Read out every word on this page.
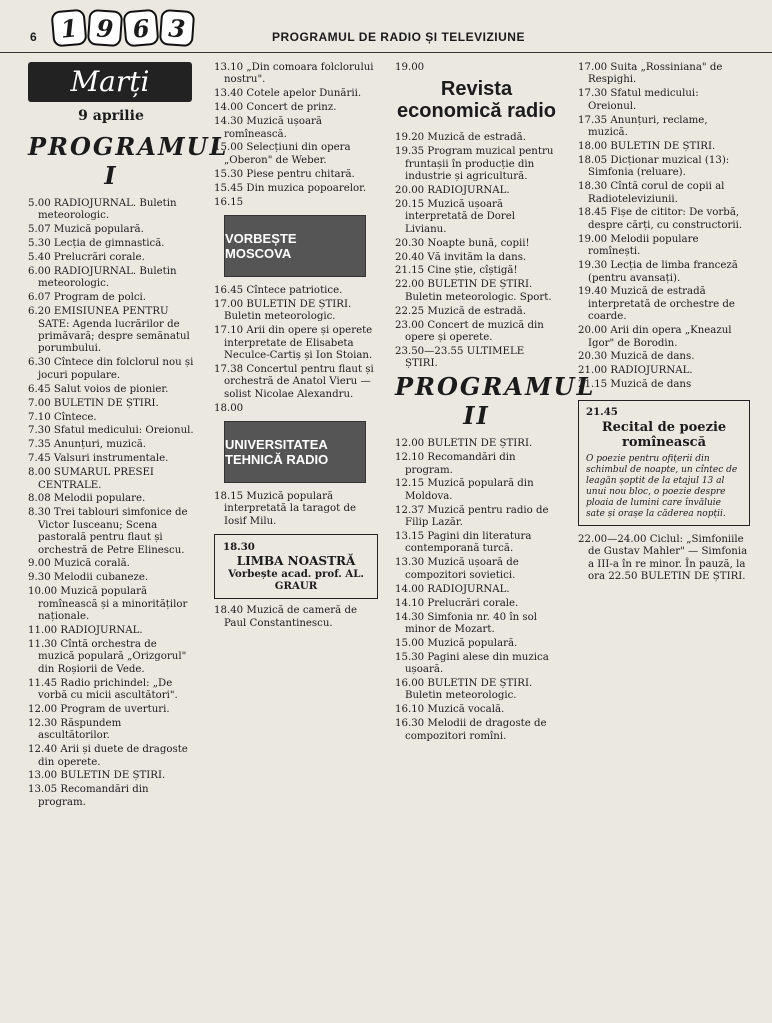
6 1 9 6 3	PROGRAMUL DE RADIO ȘI TELEVIZIUNE
Marți
9 aprilie
PROGRAMUL I

5.00 RADIOJURNAL. Buletin meteorologic.

5.07 Muzică populară.

5.30 Lecția de gimnastică.

5.40 Prelucrări corale.

6.00 RADIOJURNAL. Buletin meteorologic.

6.07 Program de polci.

6.20 EMISIUNEA PENTRU SATE: Agenda lucrărilor de primăvară; despre semănatul porumbului.

6.30 Cîntece din folclorul nou și jocuri populare.

6.45 Salut voios de pionier.

7.00 BULETIN DE ȘTIRI.

7.10 Cîntece.

7.30 Sfatul medicului: Oreionul.

7.35 Anunțuri, muzică.

7.45 Valsuri instrumentale.

8.00 SUMARUL PRESEI CENTRALE.

8.08 Melodii populare.

8.30 Trei tablouri simfonice de Victor Iusceanu; Scena pastorală pentru flaut și orchestră de Petre Elinescu.

9.00 Muzică corală.

9.30 Melodii cubaneze.

10.00 Muzică populară romînească și a minorităților naționale.

11.00 RADIOJURNAL.

11.30 Cîntă orchestra de muzică populară „Orizgorul" din Roșiorii de Vede.

11.45 Radio prichindel: „De vorbă cu micii ascultători".

12.00 Program de uverturi.

12.30 Răspundem ascultătorilor.

12.40 Arii și duete de dragoste din operete.

13.00 BULETIN DE ȘTIRI.

13.05 Recomandări din program.

13.10 „Din comoara folclorului nostru".

13.40 Cotele apelor Dunării.

14.00 Concert de prinz.

14.30 Muzică ușoară romînească.

15.00 Selecțiuni din opera „Oberon" de Weber.

15.30 Piese pentru chitară.

15.45 Din muzica popoarelor.

16.15

VORBEȘTE MOSCOVA

16.45 Cîntece patriotice.

17.00 BULETIN DE ȘTIRI. Buletin meteorologic.

17.10 Arii din opere și operete interpretate de Elisabeta Neculce-Cartiș și Ion Stoian.

17.38 Concertul pentru flaut și orchestră de Anatol Vieru — solist Nicolae Alexandru.

18.00

UNIVERSITATEA TEHNICĂ RADIO

18.15 Muzică populară interpretată la taragot de Iosif Milu.

18.30
LIMBA NOASTRĂ
Vorbește acad. prof. AL. GRAUR

18.40 Muzică de cameră de Paul Constantinescu.

19.00

Revista economică radio

19.20 Muzică de estradă.

19.35 Program muzical pentru fruntașii în producție din industrie și agricultură.

20.00 RADIOJURNAL.

20.15 Muzică ușoară interpretată de Dorel Livianu.

20.30 Noapte bună, copii!

20.40 Vă invităm la dans.

21.15 Cine știe, cîștigă!

22.00 BULETIN DE ȘTIRI. Buletin meteorologic. Sport.

22.25 Muzică de estradă.

23.00 Concert de muzică din opere și operete.

23.50—23.55 ULTIMELE ȘTIRI.

PROGRAMUL II

12.00 BULETIN DE ȘTIRI.

12.10 Recomandări din program.

12.15 Muzică populară din Moldova.

12.37 Muzică pentru radio de Filip Lazăr.

13.15 Pagini din literatura contemporană turcă.

13.30 Muzică ușoară de compozitori sovietici.

14.00 RADIOJURNAL.

14.10 Prelucrări corale.

14.30 Simfonia nr. 40 în sol minor de Mozart.

15.00 Muzică populară.

15.30 Pagini alese din muzica ușoară.

16.00 BULETIN DE ȘTIRI. Buletin meteorologic.

16.10 Muzică vocală.

16.30 Melodii de dragoste de compozitori romîni.

17.00 Suita „Rossiniana" de Respighi.

17.30 Sfatul medicului: Oreionul.

17.35 Anunțuri, reclame, muzică.

18.00 BULETIN DE ȘTIRI.

18.05 Dicționar muzical (13): Simfonia (reluare).

18.30 Cîntă corul de copii al Radioteleviziunii.

18.45 Fișe de cititor: De vorbă, despre cărți, cu constructorii.

19.00 Melodii populare romînești.

19.30 Lecția de limba franceză (pentru avansați).

19.40 Muzică de estradă interpretată de orchestre de coarde.

20.00 Arii din opera „Kneazul Igor" de Borodin.

20.30 Muzică de dans.

21.00 RADIOJURNAL.

21.15 Muzică de dans

21.45
Recital de poezie romînească
O poezie pentru ofițerii din schimbul de noapte, un cîntec de leagăn șoptit de la etajul 13 al unui nou bloc, o poezie despre ploaia de lumini care învăluie sate și orașe la căderea nopții.

22.00—24.00 Ciclul: „Simfoniile de Gustav Mahler" — Simfonia a III-a în re minor. În pauză, la ora 22.50 BULETIN DE ȘTIRI.
